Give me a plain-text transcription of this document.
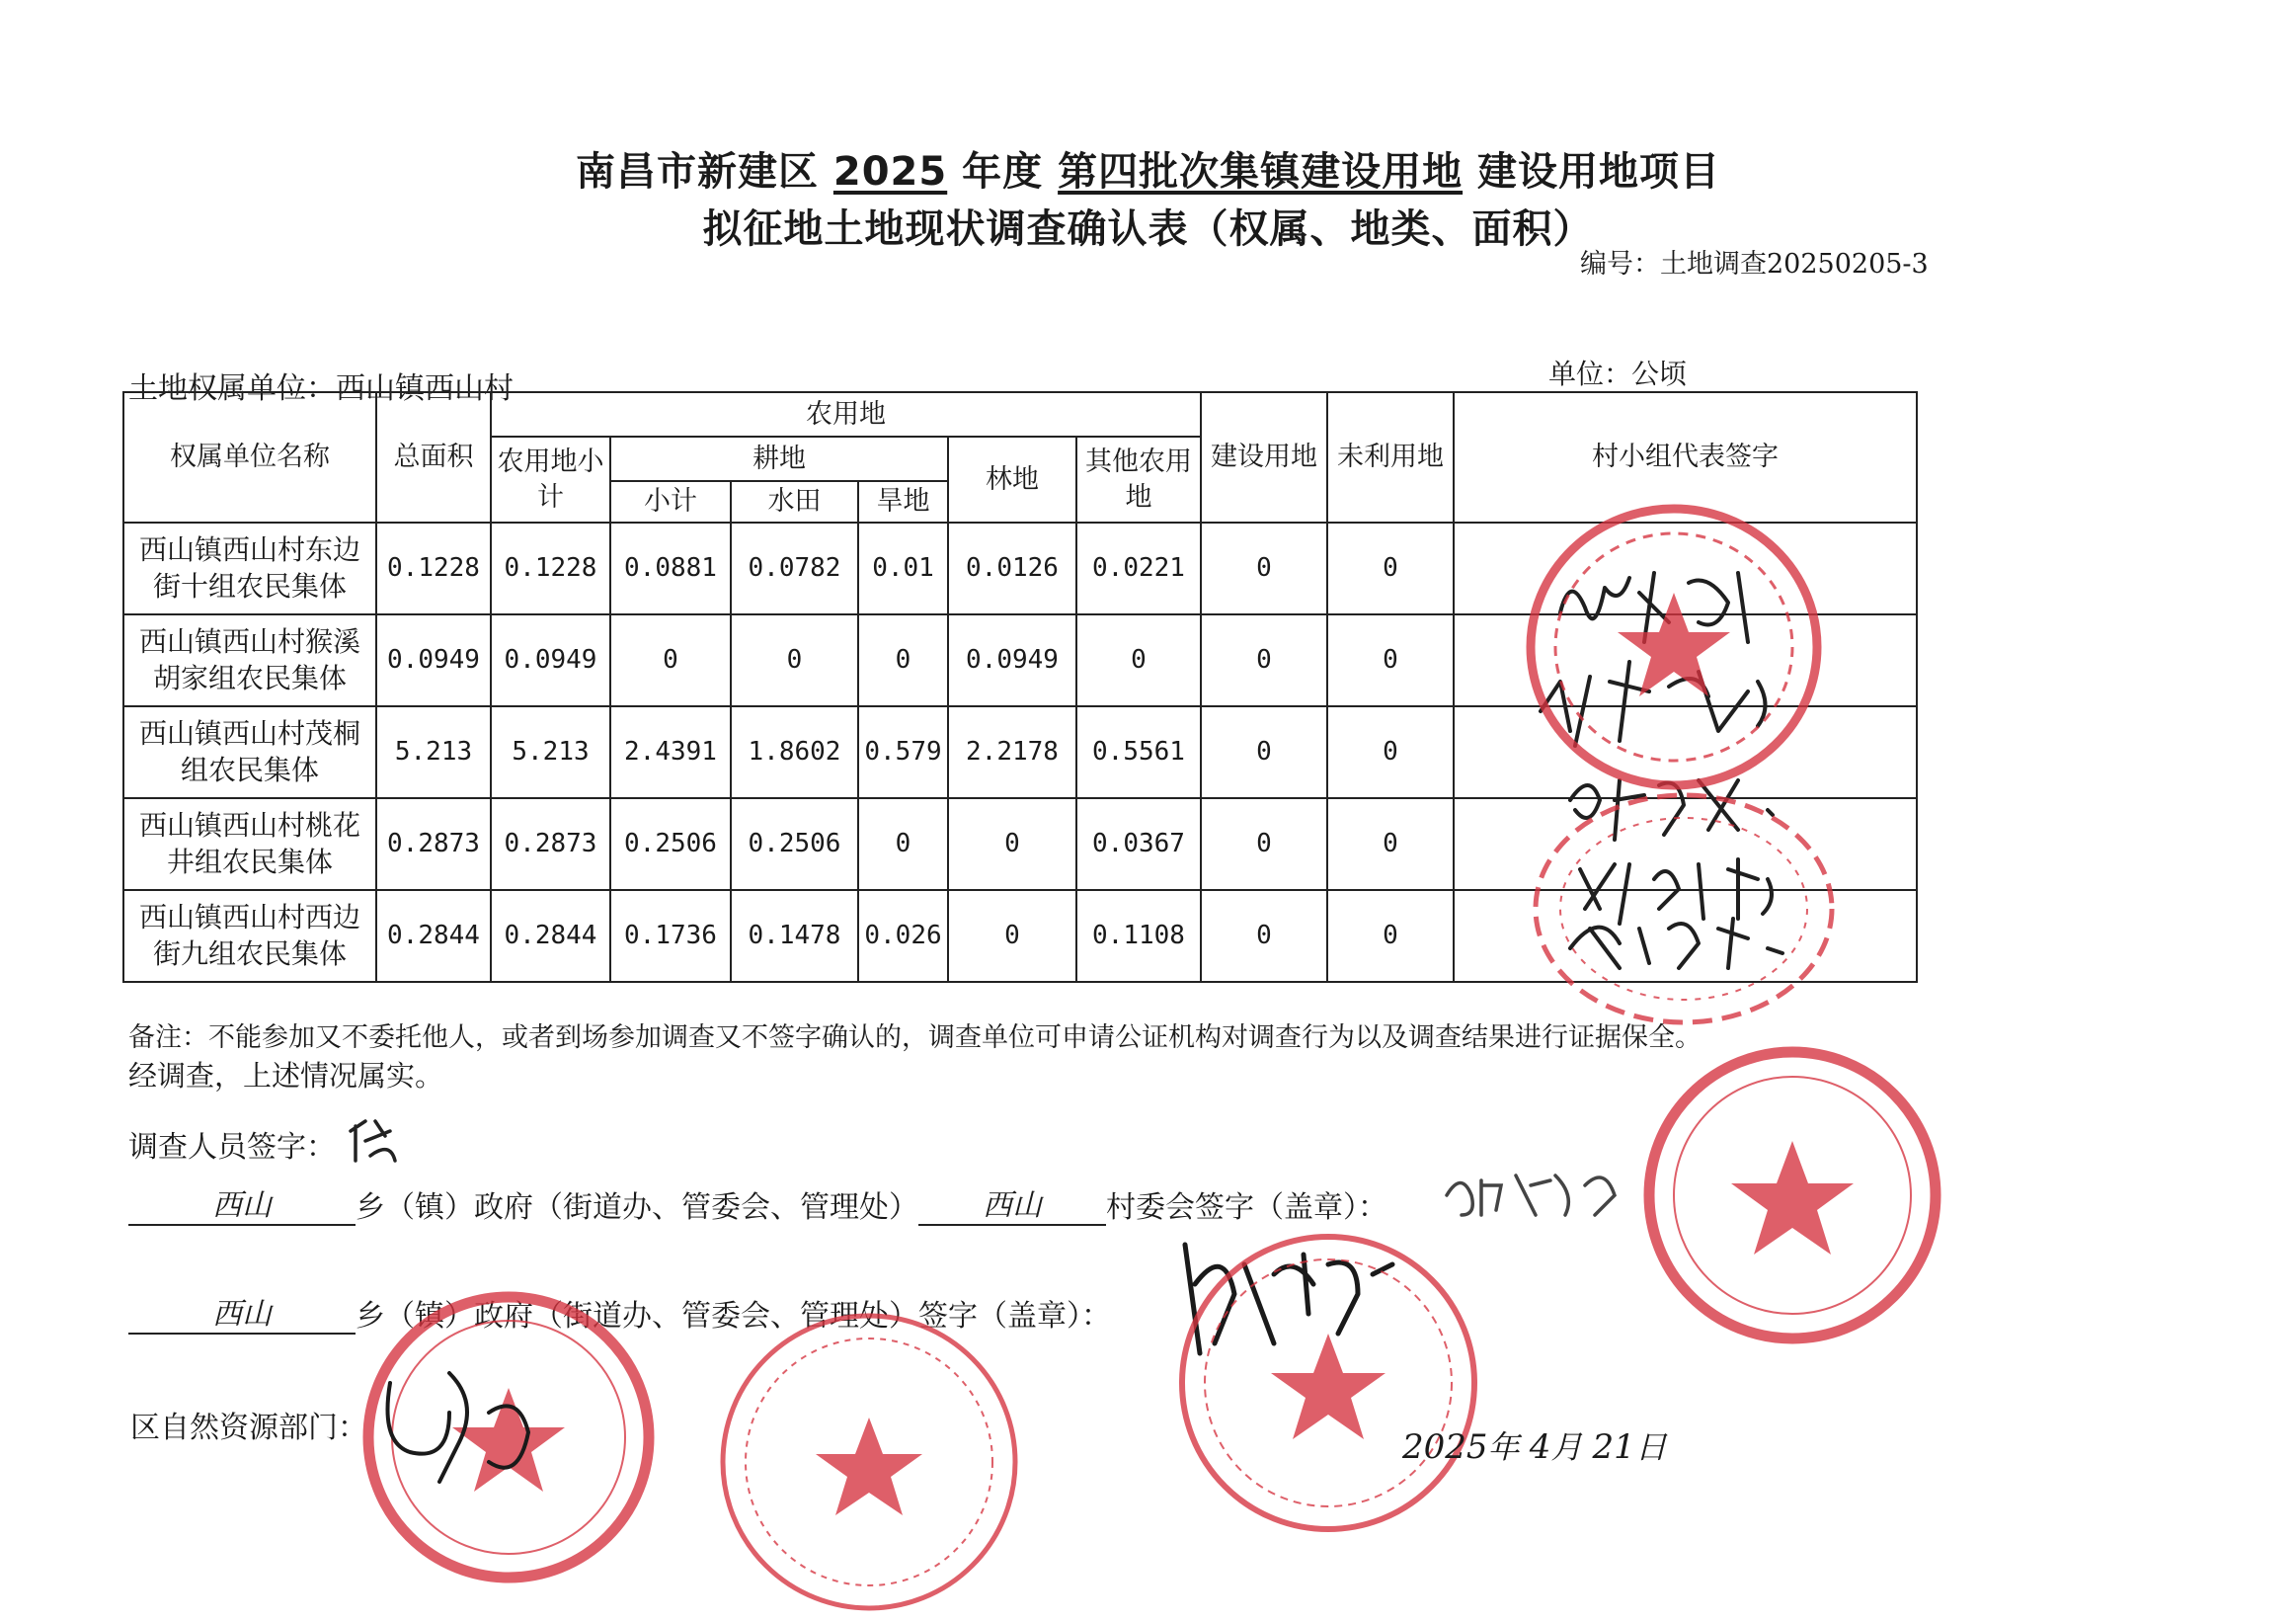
南昌市新建区 2025 年度 第四批次集镇建设用地 建设用地项目
拟征地土地现状调查确认表（权属、地类、面积）
编号：土地调查20250205-3
土地权属单位：西山镇西山村	单位：公顷
权属单位名称	总面积	农用地						建设用地	未利用地	村小组代表签字
		农用地小计	耕地			林地	其他农用地			
			小计	水田	旱地					
西山镇西山村东边街十组农民集体	0.1228	0.1228	0.0881	0.0782	0.01	0.0126	0.0221	0	0	
西山镇西山村猴溪胡家组农民集体	0.0949	0.0949	0	0	0	0.0949	0	0	0	
西山镇西山村茂桐组农民集体	5.213	5.213	2.4391	1.8602	0.579	2.2178	0.5561	0	0	
西山镇西山村桃花井组农民集体	0.2873	0.2873	0.2506	0.2506	0	0	0.0367	0	0	
西山镇西山村西边街九组农民集体	0.2844	0.2844	0.1736	0.1478	0.026	0	0.1108	0	0	
备注：不能参加又不委托他人，或者到场参加调查又不签字确认的，调查单位可申请公证机构对调查行为以及调查结果进行证据保全。
经调查，上述情况属实。
调查人员签字：
西山	乡（镇）政府（街道办、管委会、管理处） 西山 村委会签字（盖章）：
西山	乡（镇）政府（街道办、管委会、管理处）签字（盖章）：
区自然资源部门：	2025年 4月 21日
